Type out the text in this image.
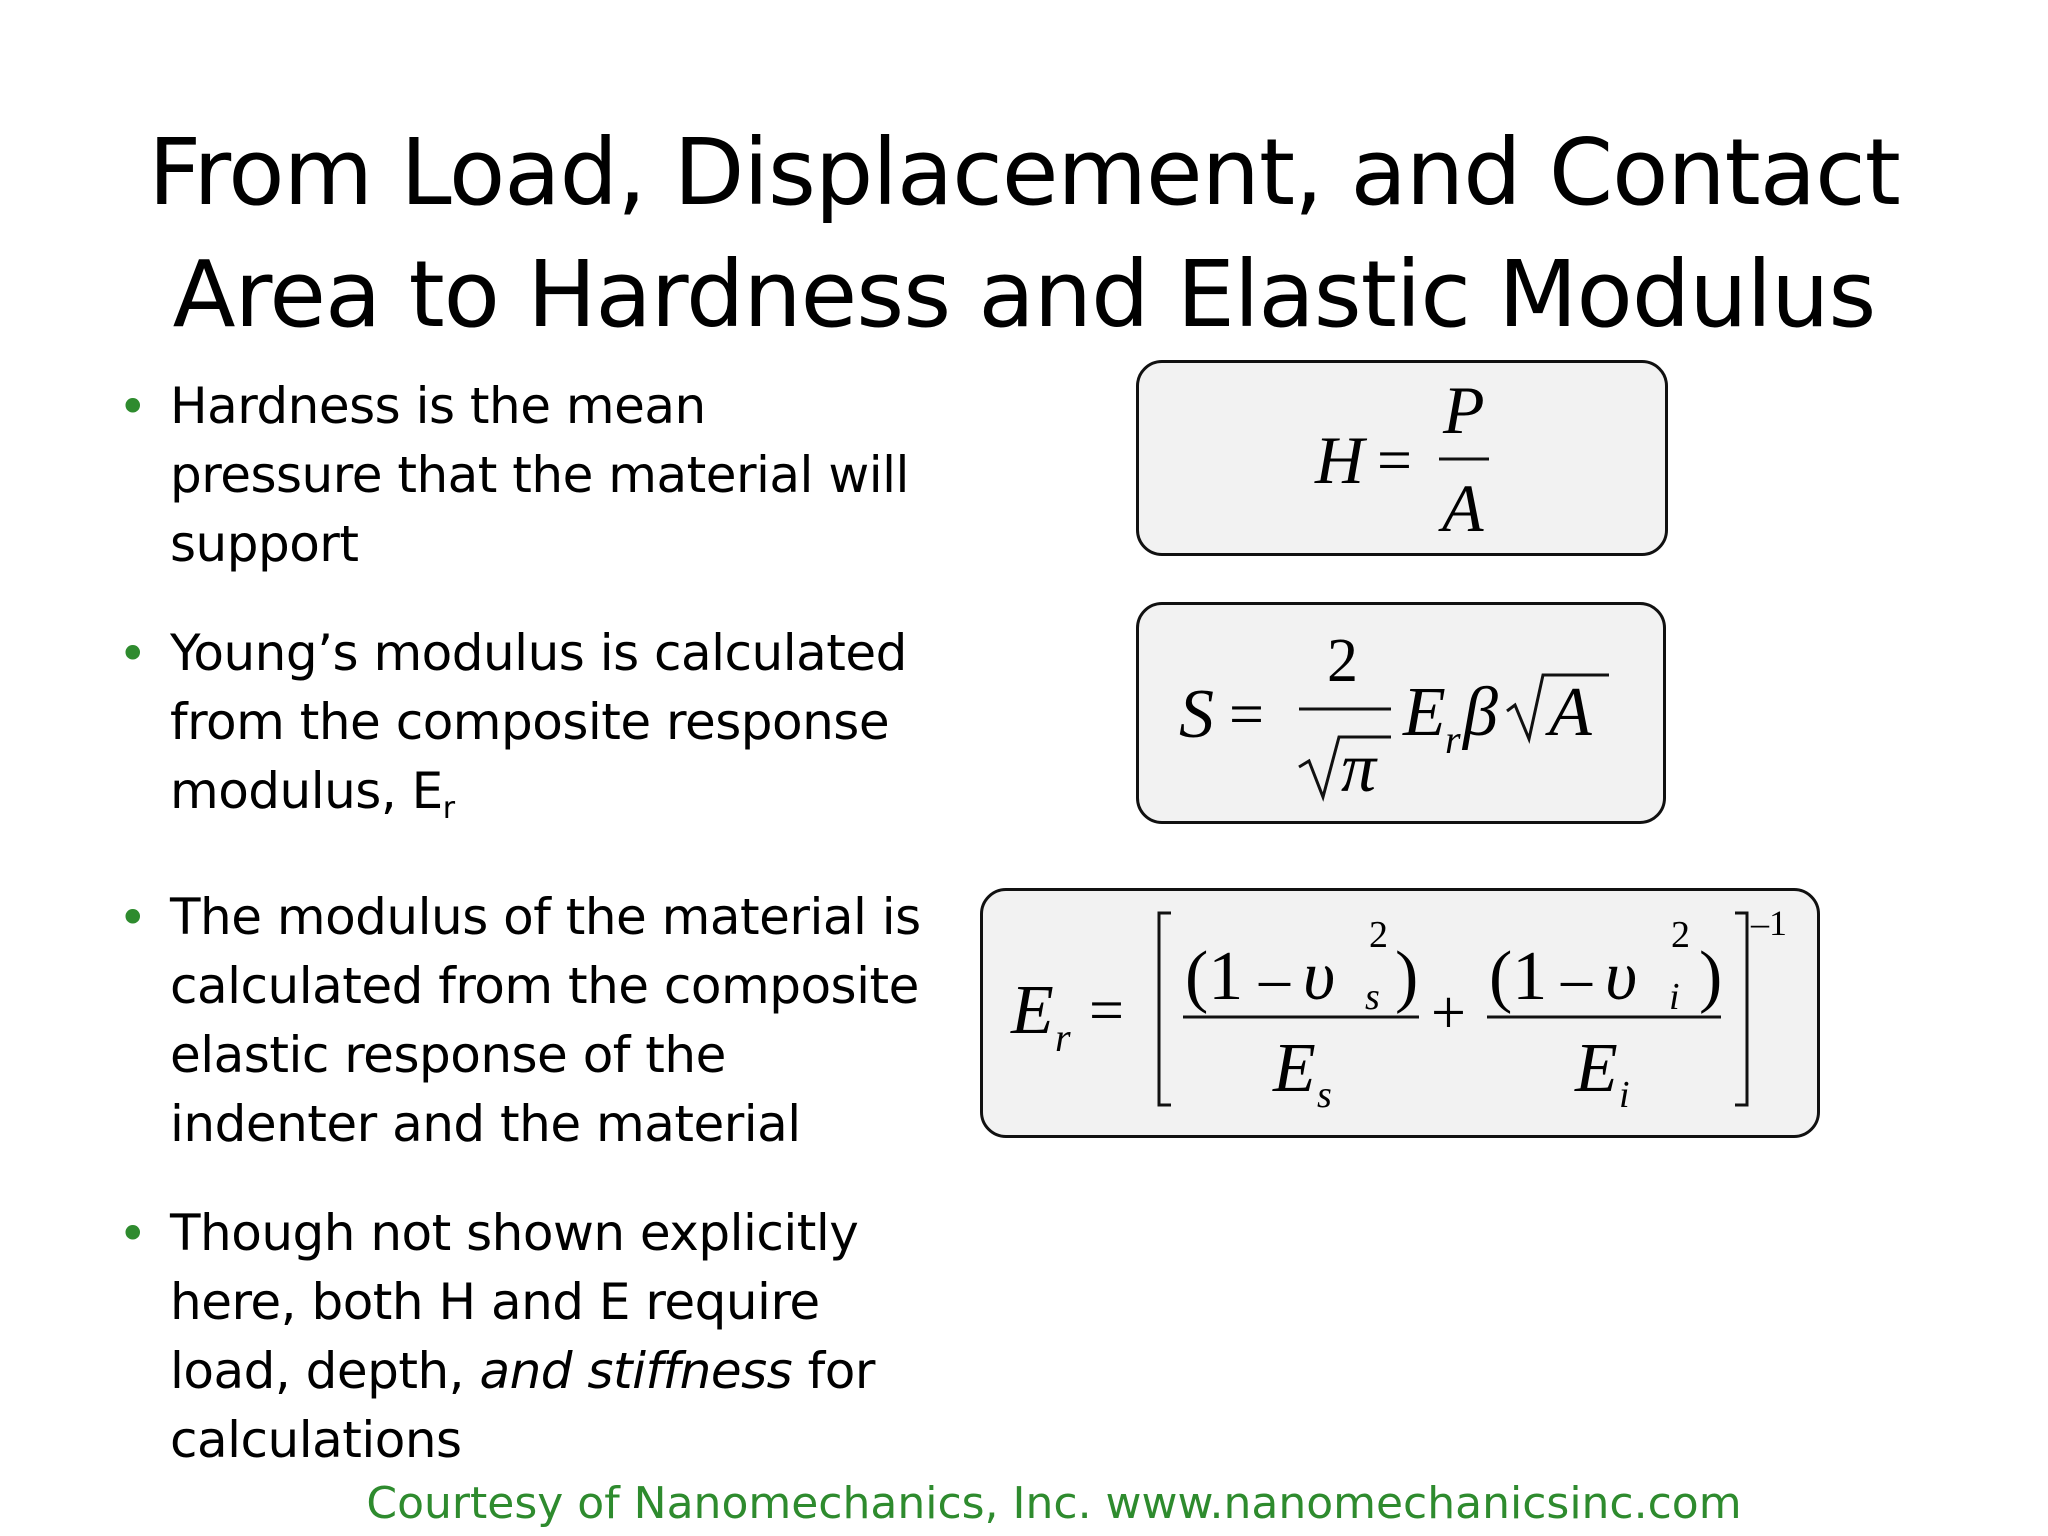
From Load, Displacement, and Contact
Area to Hardness and Elastic Modulus
• Hardness is the mean
pressure that the material will
support
• Young’s modulus is calculated
from the composite response
modulus, $E_r$
• The modulus of the material is
calculated from the composite
elastic response of the
indenter and the material
• Though not shown explicitly
here, both H and E require
load, depth, and stiffness for
calculations
H =
P
A
S =
2
π
E r β A
E r = (1 – υ
2
s )
E s
+ (1 – υ
2
i )
E i
–1
Courtesy of Nanomechanics, Inc. www.nanomechanicsinc.com
